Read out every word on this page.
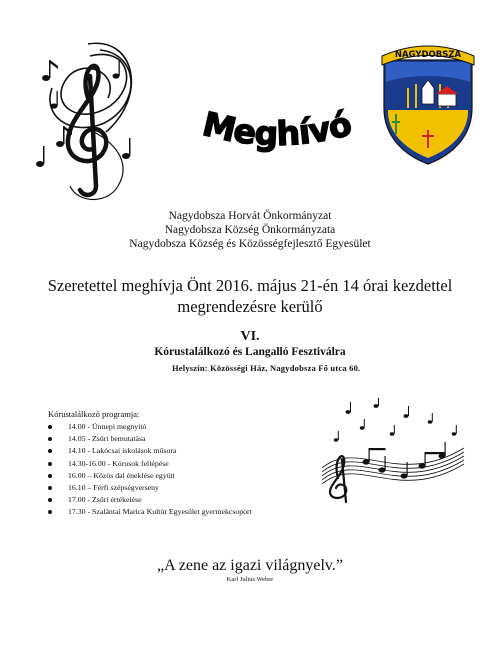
Meghívó
NAGYDOBSZA
Nagydobsza Horvát Önkormányzat
Nagydobsza Község Önkormányzata
Nagydobsza Község és Közösségfejlesztő Egyesület
Szeretettel meghívja Önt 2016. május 21-én 14 órai kezdettel
megrendezésre kerülő
VI.
Kórustalálkozó és Langalló Fesztiválra
Helyszín: Közösségi Ház, Nagydobsza Fő utca 60.
Kórustalálkozó programja:
14.00 - Ünnepi megnyitó
14.05 - Zsűri bemutatása
14.10 - Lakócsai iskolások műsora
14.30-16.00 - Kórusok fellépése
16.00 – Közös dal éneklése együtt
16.10 – Férfi szépségverseny
17.00 - Zsűri értékelése
17.30 - Szalántai Marica Kultúr Egyesület gyermekcsoport
„A zene az igazi világnyelv.”
Karl Julius Weber
